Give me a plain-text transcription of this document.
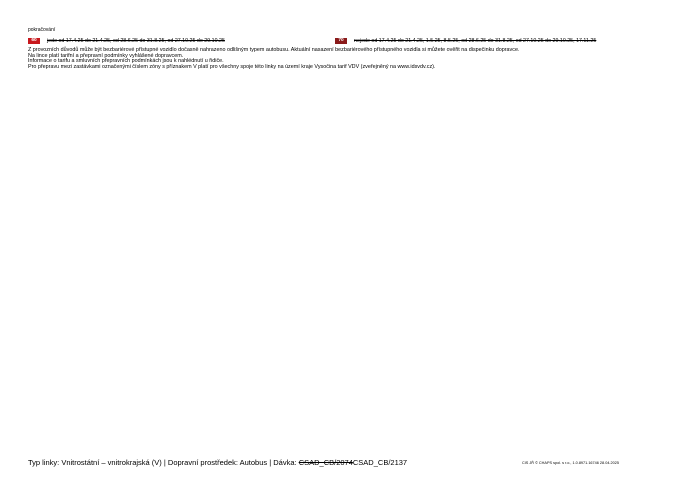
pokračování
60	jede od 17.4.25 do 21.4.25, od 28.6.25 do 31.8.25, od 27.10.25 do 29.10.25	70	nejede od 17.4.25 do 21.4.25, 1.5.25, 8.5.25, od 28.6.25 do 31.8.25, od 27.10.25 do 29.10.25, 17.11.25
Z provozních důvodů může být bezbariérové přístupné vozidlo dočasně nahrazeno odlišným typem autobusu. Aktuální nasazení bezbariérového přístupného vozidla si můžete ověřit na dispečinku dopravce.
Na lince platí tarifní a přepravní podmínky vyhlášené dopravcem.
Informace o tarifu a smluvních přepravních podmínkách jsou k nahlédnutí u řidiče.
Pro přepravu mezi zastávkami označenými číslem zóny s příznakem V platí pro všechny spoje této linky na území kraje Vysočina tarif VDV (zveřejněný na www.idsvdv.cz).
Typ linky: Vnitrostátní – vnitrokrajská (V) | Dopravní prostředek: Autobus | Dávka: CSAD_CB/2074CSAD_CB/2137	CIS JŘ © CHAPS spol. s r.o., 1.0.8971.16746 28.04.2025
